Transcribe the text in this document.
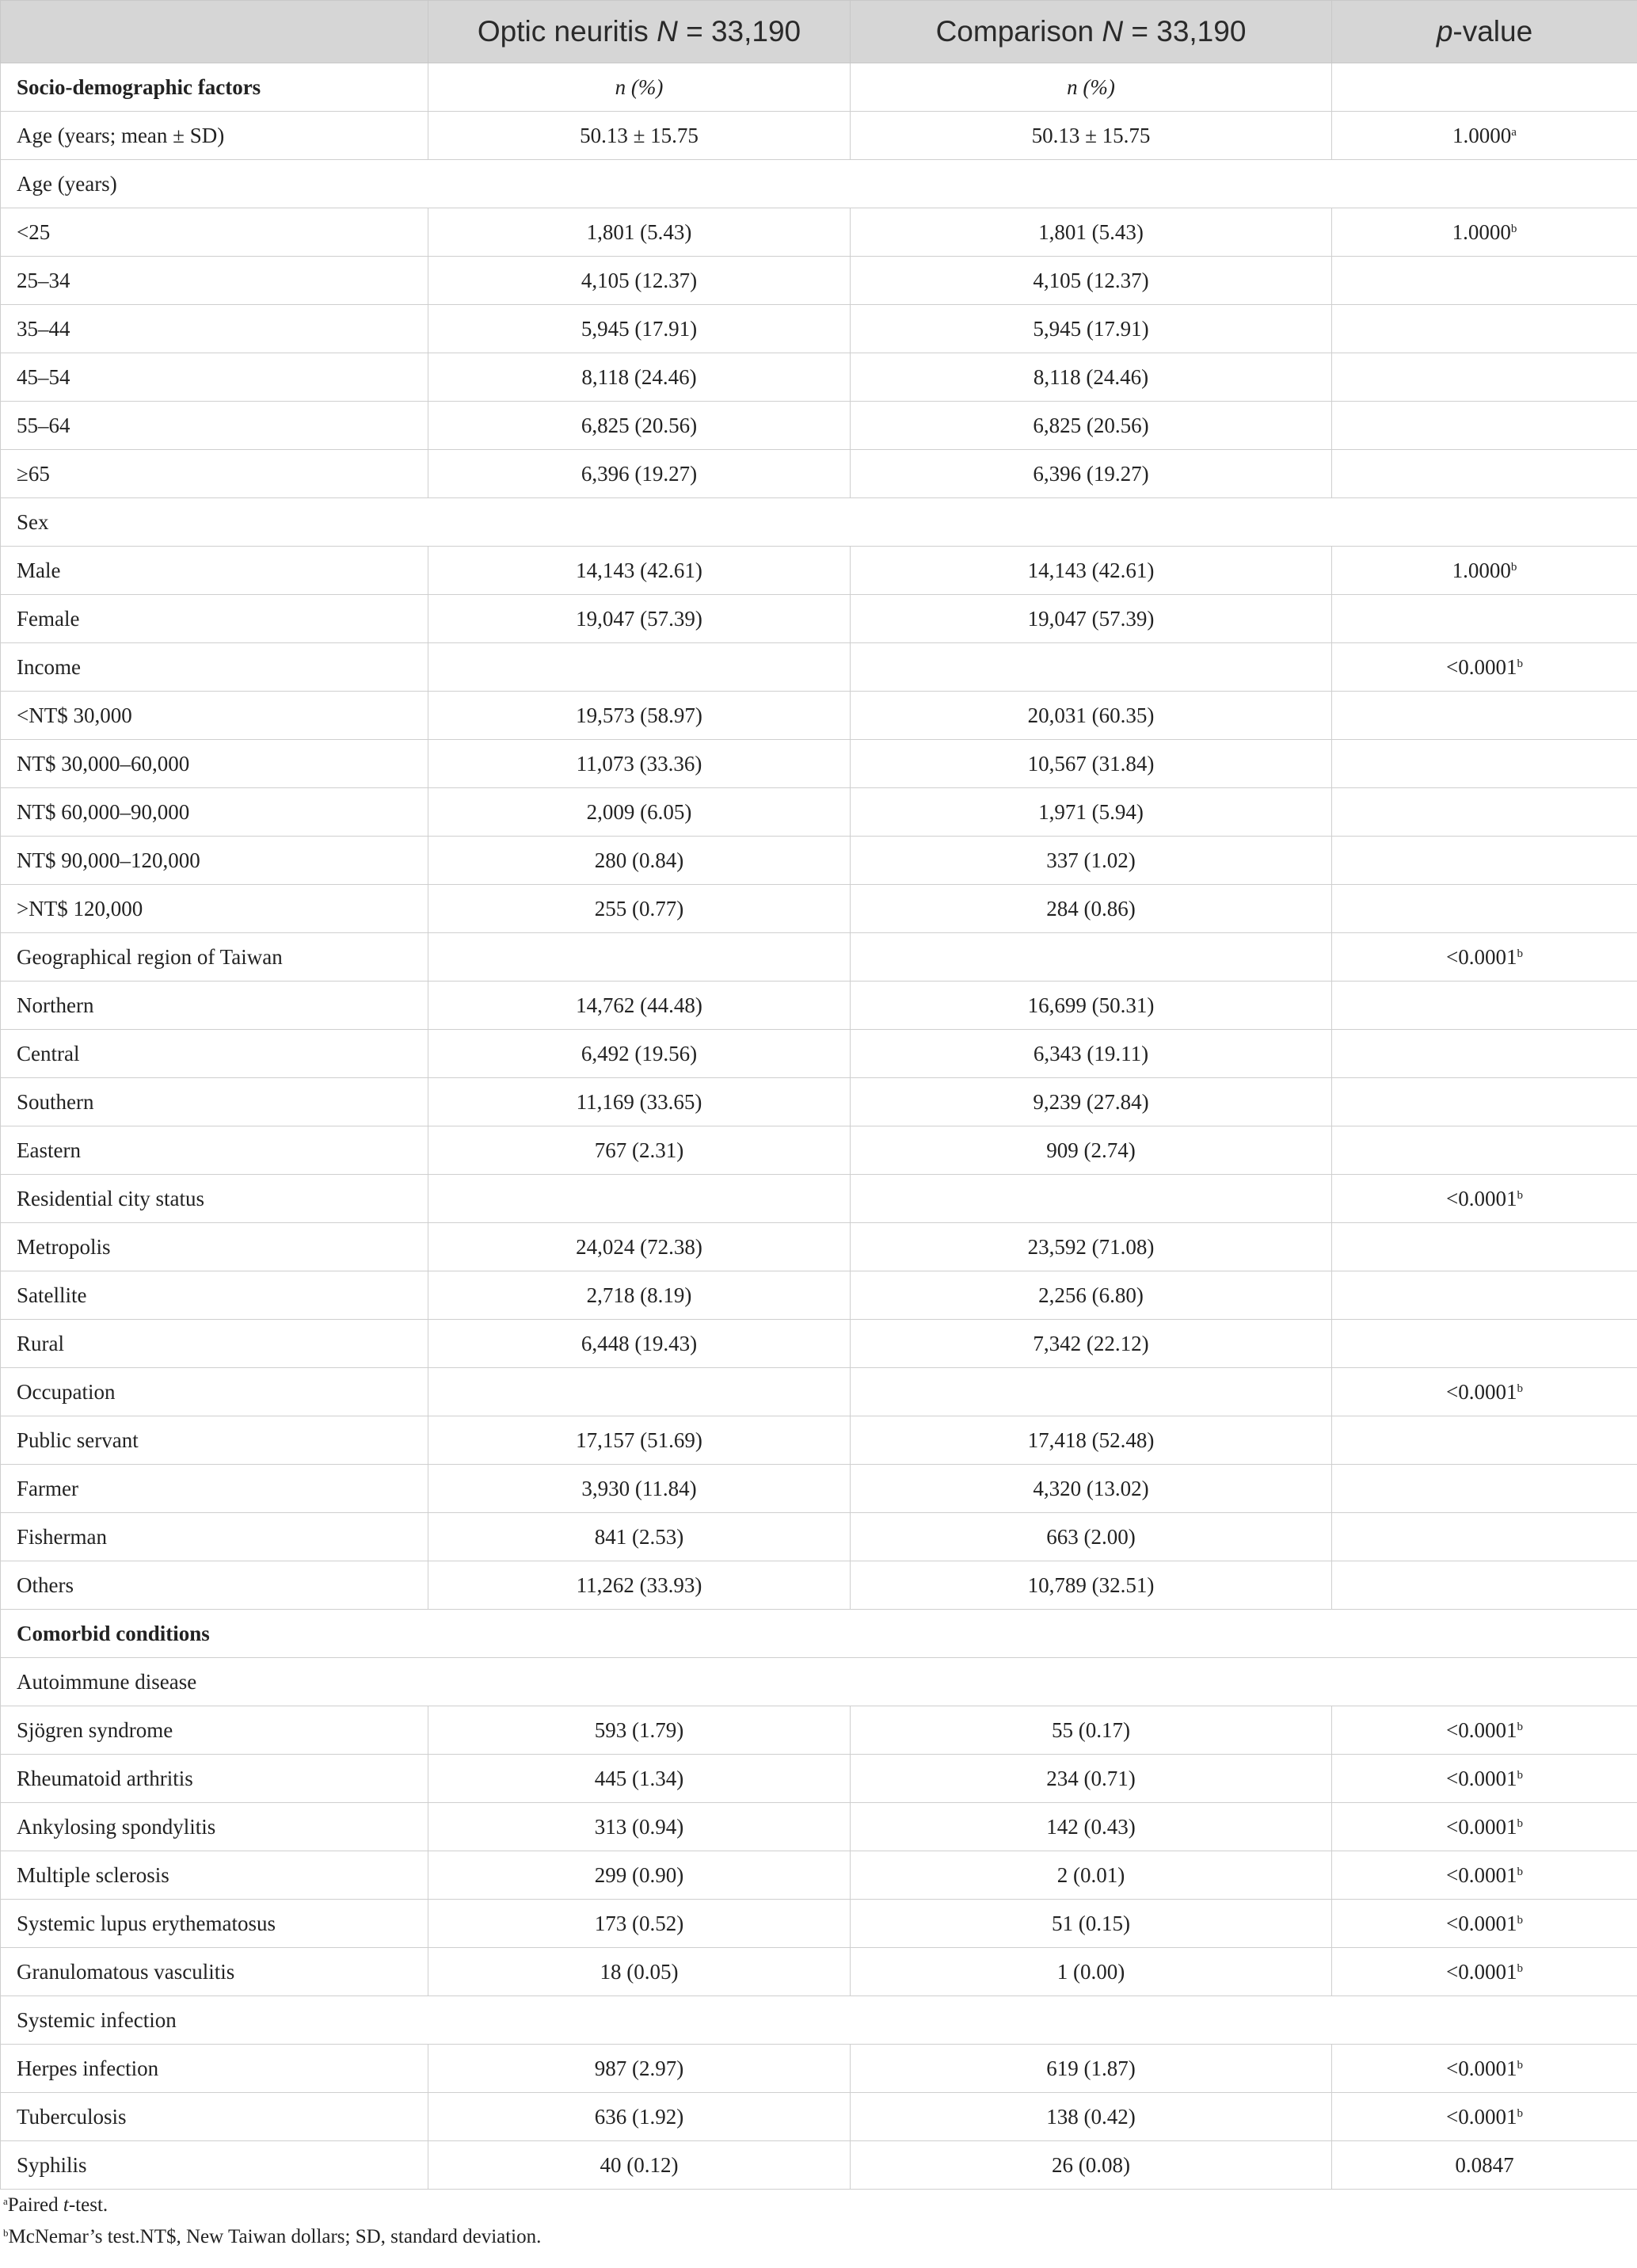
	Optic neuritis N = 33,190	Comparison N = 33,190	p-value
Socio-demographic factors	n (%)	n (%)	
Age (years; mean ± SD)	50.13 ± 15.75	50.13 ± 15.75	1.0000$^a$
Age (years)			
<25	1,801 (5.43)	1,801 (5.43)	1.0000$^b$
25–34	4,105 (12.37)	4,105 (12.37)	
35–44	5,945 (17.91)	5,945 (17.91)	
45–54	8,118 (24.46)	8,118 (24.46)	
55–64	6,825 (20.56)	6,825 (20.56)	
≥65	6,396 (19.27)	6,396 (19.27)	
Sex			
Male	14,143 (42.61)	14,143 (42.61)	1.0000$^b$
Female	19,047 (57.39)	19,047 (57.39)	
Income			<0.0001$^b$
<NT$ 30,000	19,573 (58.97)	20,031 (60.35)	
NT$ 30,000–60,000	11,073 (33.36)	10,567 (31.84)	
NT$ 60,000–90,000	2,009 (6.05)	1,971 (5.94)	
NT$ 90,000–120,000	280 (0.84)	337 (1.02)	
>NT$ 120,000	255 (0.77)	284 (0.86)	
Geographical region of Taiwan			<0.0001$^b$
Northern	14,762 (44.48)	16,699 (50.31)	
Central	6,492 (19.56)	6,343 (19.11)	
Southern	11,169 (33.65)	9,239 (27.84)	
Eastern	767 (2.31)	909 (2.74)	
Residential city status			<0.0001$^b$
Metropolis	24,024 (72.38)	23,592 (71.08)	
Satellite	2,718 (8.19)	2,256 (6.80)	
Rural	6,448 (19.43)	7,342 (22.12)	
Occupation			<0.0001$^b$
Public servant	17,157 (51.69)	17,418 (52.48)	
Farmer	3,930 (11.84)	4,320 (13.02)	
Fisherman	841 (2.53)	663 (2.00)	
Others	11,262 (33.93)	10,789 (32.51)	
Comorbid conditions			
Autoimmune disease			
Sjögren syndrome	593 (1.79)	55 (0.17)	<0.0001$^b$
Rheumatoid arthritis	445 (1.34)	234 (0.71)	<0.0001$^b$
Ankylosing spondylitis	313 (0.94)	142 (0.43)	<0.0001$^b$
Multiple sclerosis	299 (0.90)	2 (0.01)	<0.0001$^b$
Systemic lupus erythematosus	173 (0.52)	51 (0.15)	<0.0001$^b$
Granulomatous vasculitis	18 (0.05)	1 (0.00)	<0.0001$^b$
Systemic infection			
Herpes infection	987 (2.97)	619 (1.87)	<0.0001$^b$
Tuberculosis	636 (1.92)	138 (0.42)	<0.0001$^b$
Syphilis	40 (0.12)	26 (0.08)	0.0847
$^a$Paired t-test.
$^b$McNemar’s test.NT$, New Taiwan dollars; SD, standard deviation.
